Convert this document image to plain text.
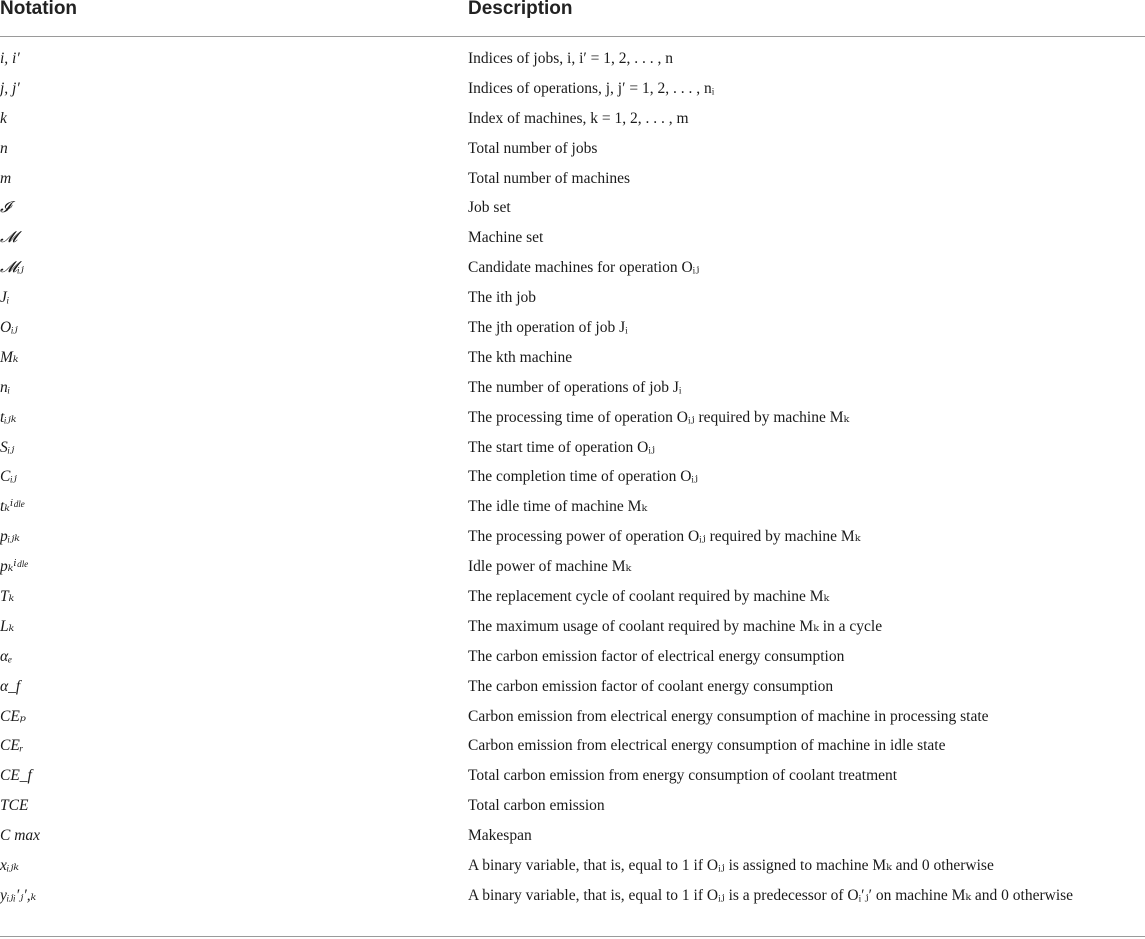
Notation	Description
i, i′	Indices of jobs, i, i′ = 1, 2, . . . , n
j, j′	Indices of operations, j, j′ = 1, 2, . . . , nᵢ
k	Index of machines, k = 1, 2, . . . , m
n	Total number of jobs
m	Total number of machines
𝓘	Job set
𝓜	Machine set
𝓜ᵢⱼ	Candidate machines for operation Oᵢⱼ
Jᵢ	The ith job
Oᵢⱼ	The jth operation of job Jᵢ
Mₖ	The kth machine
nᵢ	The number of operations of job Jᵢ
tᵢⱼₖ	The processing time of operation Oᵢⱼ required by machine Mₖ
Sᵢⱼ	The start time of operation Oᵢⱼ
Cᵢⱼ	The completion time of operation Oᵢⱼ
tₖⁱᵈˡᵉ	The idle time of machine Mₖ
pᵢⱼₖ	The processing power of operation Oᵢⱼ required by machine Mₖ
pₖⁱᵈˡᵉ	Idle power of machine Mₖ
Tₖ	The replacement cycle of coolant required by machine Mₖ
Lₖ	The maximum usage of coolant required by machine Mₖ in a cycle
αₑ	The carbon emission factor of electrical energy consumption
α_f	The carbon emission factor of coolant energy consumption
CEₚ	Carbon emission from electrical energy consumption of machine in processing state
CEᵣ	Carbon emission from electrical energy consumption of machine in idle state
CE_f	Total carbon emission from energy consumption of coolant treatment
TCE	Total carbon emission
C max	Makespan
xᵢⱼₖ	A binary variable, that is, equal to 1 if Oᵢⱼ is assigned to machine Mₖ and 0 otherwise
yᵢⱼᵢ′ⱼ′,ₖ	A binary variable, that is, equal to 1 if Oᵢⱼ is a predecessor of Oᵢ′ⱼ′ on machine Mₖ and 0 otherwise
